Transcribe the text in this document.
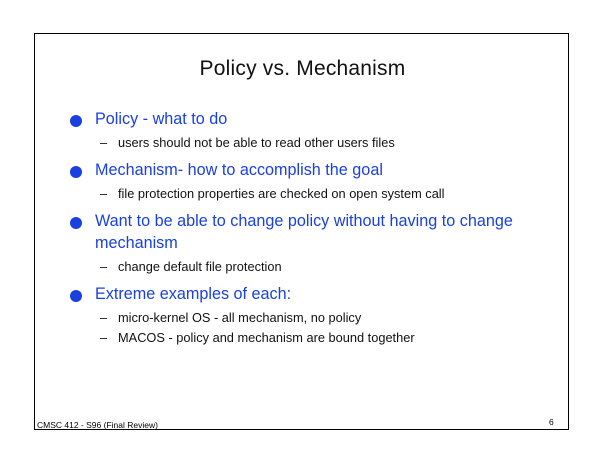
Policy vs. Mechanism
Policy - what to do
– users should not be able to read other users files
Mechanism- how to accomplish the goal
– file protection properties are checked on open system call
Want to be able to change policy without having to change mechanism
– change default file protection
Extreme examples of each:
– micro-kernel OS - all mechanism, no policy
– MACOS - policy and mechanism are bound together
CMSC 412 - S96 (Final Review)	6
